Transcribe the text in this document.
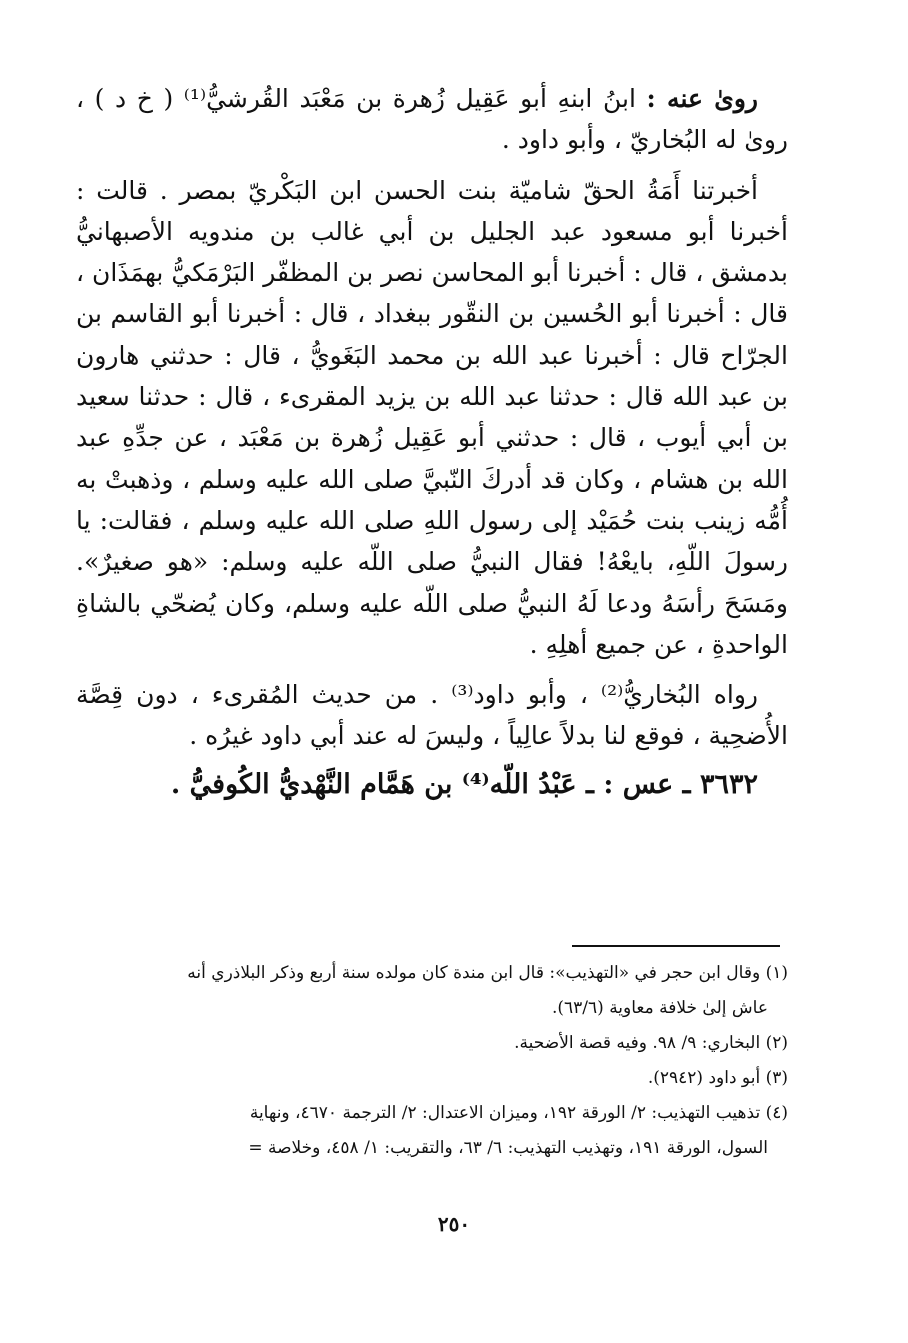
روىٰ عنه : ابنُ ابنهِ أبو عَقِيل زُهرة بن مَعْبَد القُرشيُّ⁽¹⁾ ( خ د ) ، روىٰ له البُخاريّ ، وأبو داود .

أخبرتنا أَمَةُ الحقّ شاميّة بنت الحسن ابن البَكْريّ بمصر . قالت : أخبرنا أبو مسعود عبد الجليل بن أبي غالب بن مندويه الأصبهانيُّ بدمشق ، قال : أخبرنا أبو المحاسن نصر بن المظفّر البَرْمَكيُّ بهمَذَان ، قال : أخبرنا أبو الحُسين بن النقّور ببغداد ، قال : أخبرنا أبو القاسم بن الجرّاح قال : أخبرنا عبد الله بن محمد البَغَويُّ ، قال : حدثني هارون بن عبد الله قال : حدثنا عبد الله بن يزيد المقرىء ، قال : حدثنا سعيد بن أبي أيوب ، قال : حدثني أبو عَقِيل زُهرة بن مَعْبَد ، عن جدِّهِ عبد الله بن هشام ، وكان قد أدركَ النّبيَّ صلى الله عليه وسلم ، وذهبتْ به أُمُّه زينب بنت حُمَيْد إلى رسول اللهِ صلى الله عليه وسلم ، فقالت: يا رسولَ اللّهِ، بايعْهُ! فقال النبيُّ صلى اللّه عليه وسلم: «هو صغيرٌ». ومَسَحَ رأسَهُ ودعا لَهُ النبيُّ صلى اللّه عليه وسلم، وكان يُضحّي بالشاةِ الواحدةِ ، عن جميع أهلِهِ .

رواه البُخاريُّ⁽²⁾ ، وأبو داود⁽³⁾ . من حديث المُقرىء ، دون قِصَّة الأُضحِية ، فوقع لنا بدلاً عالِياً ، وليسَ له عند أبي داود غيرُه .

٣٦٣٢ ـ عس : ـ عَبْدُ اللّه⁽⁴⁾ بن هَمَّام النَّهْديُّ الكُوفيُّ .

(١) وقال ابن حجر في «التهذيب»: قال ابن مندة كان مولده سنة أربع وذكر البلاذري أنه

عاش إلىٰ خلافة معاوية (٦٣/٦).

(٢) البخاري: ٩/ ٩٨. وفيه قصة الأضحية.

(٣) أبو داود (٢٩٤٢).

(٤) تذهيب التهذيب: ٢/ الورقة ١٩٢، وميزان الاعتدال: ٢/ الترجمة ٤٦٧٠، ونهاية

السول، الورقة ١٩١، وتهذيب التهذيب: ٦/ ٦٣، والتقريب: ١/ ٤٥٨، وخلاصة =

٢٥٠
